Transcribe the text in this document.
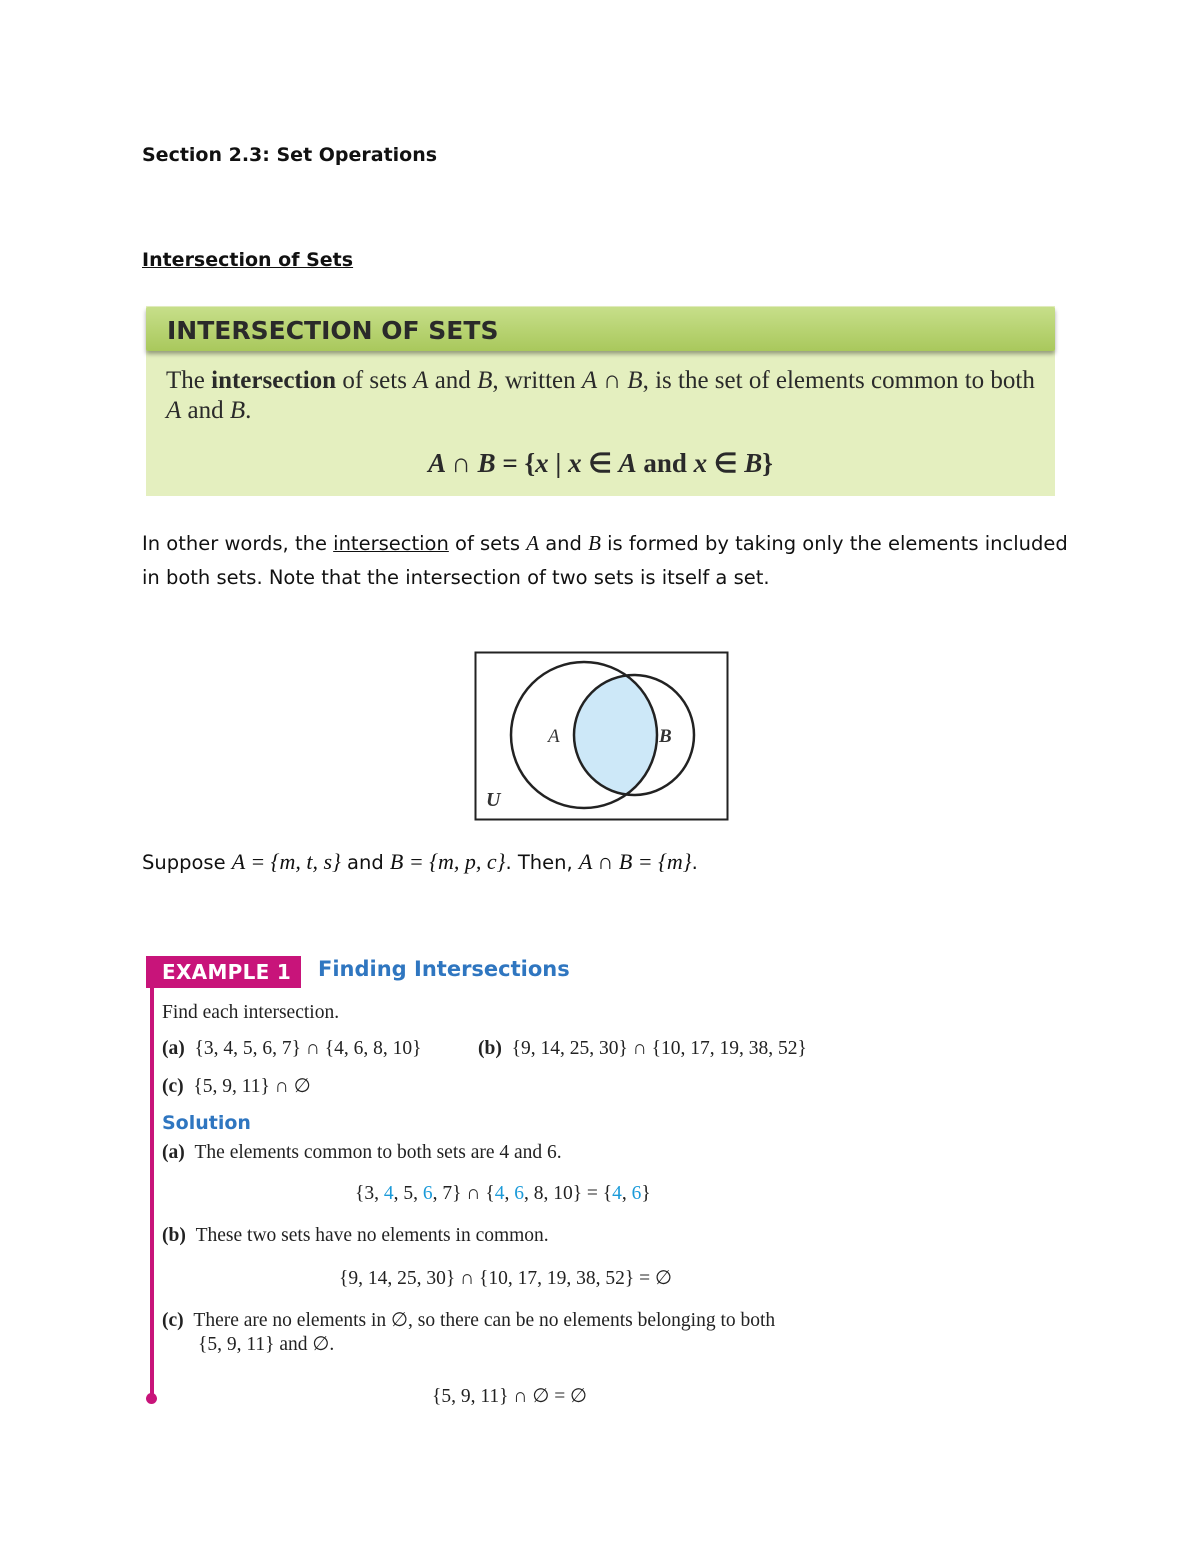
Section 2.3: Set Operations
Intersection of Sets
INTERSECTION OF SETS
The intersection of sets A and B, written A ∩ B, is the set of elements common to both A and B.
A ∩ B = {x | x ∈ A and x ∈ B}
In other words, the intersection of sets A and B is formed by taking only the elements included in both sets. Note that the intersection of two sets is itself a set.
A	B
U
Suppose A = {m, t, s} and B = {m, p, c}. Then, A ∩ B = {m}.
EXAMPLE 1	Finding Intersections
Find each intersection.
(a) {3, 4, 5, 6, 7} ∩ {4, 6, 8, 10}	(b) {9, 14, 25, 30} ∩ {10, 17, 19, 38, 52}
(c) {5, 9, 11} ∩ ∅
Solution
(a) The elements common to both sets are 4 and 6.
{3, 4, 5, 6, 7} ∩ {4, 6, 8, 10} = {4, 6}
(b) These two sets have no elements in common.
{9, 14, 25, 30} ∩ {10, 17, 19, 38, 52} = ∅
(c) There are no elements in ∅, so there can be no elements belonging to both
{5, 9, 11} and ∅.
{5, 9, 11} ∩ ∅ = ∅
